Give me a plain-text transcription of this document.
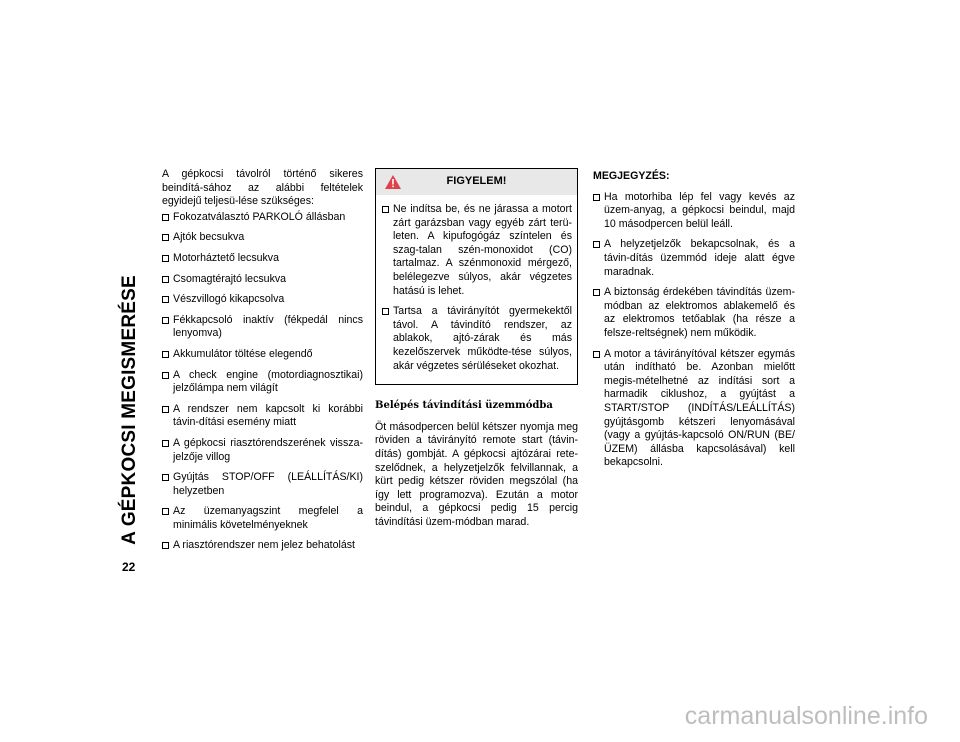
A GÉPKOCSI MEGISMERÉSE
22

A gépkocsi távolról történő sikeres beindítá-sához az alábbi feltételek egyidejű teljesü-lése szükséges:

Fokozatválasztó PARKOLÓ állásban
Ajtók becsukva
Motorháztető lecsukva
Csomagtérajtó lecsukva
Vészvillogó kikapcsolva
Fékkapcsoló inaktív (fékpedál nincs lenyomva)
Akkumulátor töltése elegendő
A check engine (motordiagnosztikai) jelzőlámpa nem világít
A rendszer nem kapcsolt ki korábbi távin-dítási esemény miatt
A gépkocsi riasztórendszerének vissza-jelzője villog
Gyújtás STOP/OFF (LEÁLLÍTÁS/KI) helyzetben
Az üzemanyagszint megfelel a minimális követelményeknek
A riasztórendszer nem jelez behatolást
FIGYELEM!
Ne indítsa be, és ne járassa a motort zárt garázsban vagy egyéb zárt terü-leten. A kipufogógáz színtelen és szag-talan szén-monoxidot (CO) tartalmaz. A szénmonoxid mérgező, belélegezve súlyos, akár végzetes hatású is lehet.
Tartsa a távirányítót gyermekektől távol. A távindító rendszer, az ablakok, ajtó-zárak és más kezelőszervek működte-tése súlyos, akár végzetes sérüléseket okozhat.
Belépés távindítási üzemmódba

Öt másodpercen belül kétszer nyomja meg röviden a távirányító remote start (távin-dítás) gombját. A gépkocsi ajtózárai rete-szelődnek, a helyzetjelzők felvillannak, a kürt pedig kétszer röviden megszólal (ha így lett programozva). Ezután a motor beindul, a gépkocsi pedig 15 percig távindítási üzem-módban marad.

MEGJEGYZÉS:
Ha motorhiba lép fel vagy kevés az üzem-anyag, a gépkocsi beindul, majd 10 másodpercen belül leáll.
A helyzetjelzők bekapcsolnak, és a távin-dítás üzemmód ideje alatt égve maradnak.
A biztonság érdekében távindítás üzem-módban az elektromos ablakemelő és az elektromos tetőablak (ha része a felsze-reltségnek) nem működik.
A motor a távirányítóval kétszer egymás után indítható be. Azonban mielőtt megis-mételhetné az indítási sort a harmadik ciklushoz, a gyújtást a START/STOP (INDÍTÁS/LEÁLLÍTÁS) gyújtásgomb kétszeri lenyomásával (vagy a gyújtás-kapcsoló ON/RUN (BE/ÜZEM) állásba kapcsolásával) kell bekapcsolni.
carmanualsonline.info
